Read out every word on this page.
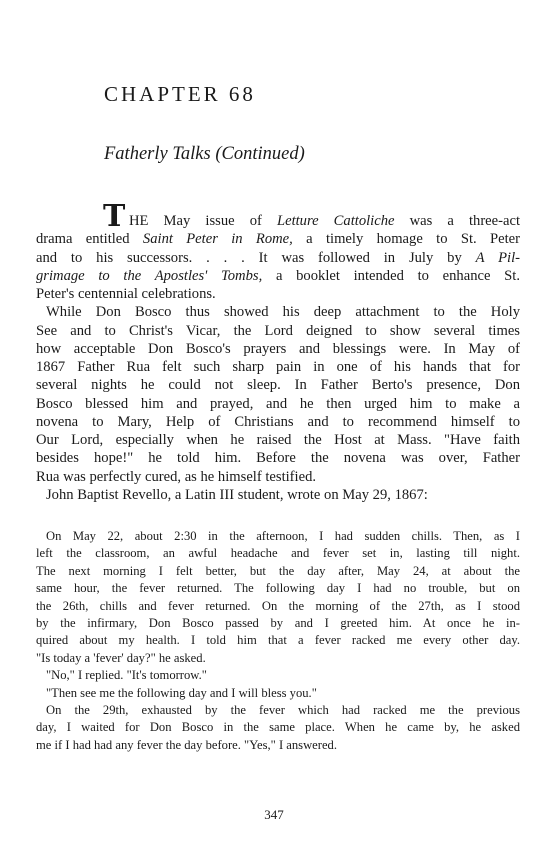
CHAPTER 68
Fatherly Talks (Continued)

T HE May issue of Letture Cattoliche was a three-act

drama entitled Saint Peter in Rome, a timely homage to St. Peter

and to his successors. . . . It was followed in July by A Pil-

grimage to the Apostles' Tombs, a booklet intended to enhance St.

Peter's centennial celebrations.

While Don Bosco thus showed his deep attachment to the Holy

See and to Christ's Vicar, the Lord deigned to show several times

how acceptable Don Bosco's prayers and blessings were. In May of

1867 Father Rua felt such sharp pain in one of his hands that for

several nights he could not sleep. In Father Berto's presence, Don

Bosco blessed him and prayed, and he then urged him to make a

novena to Mary, Help of Christians and to recommend himself to

Our Lord, especially when he raised the Host at Mass. "Have faith

besides hope!" he told him. Before the novena was over, Father

Rua was perfectly cured, as he himself testified.

John Baptist Revello, a Latin III student, wrote on May 29, 1867:

On May 22, about 2:30 in the afternoon, I had sudden chills. Then, as I

left the classroom, an awful headache and fever set in, lasting till night.

The next morning I felt better, but the day after, May 24, at about the

same hour, the fever returned. The following day I had no trouble, but on

the 26th, chills and fever returned. On the morning of the 27th, as I stood

by the infirmary, Don Bosco passed by and I greeted him. At once he in-

quired about my health. I told him that a fever racked me every other day.

"Is today a 'fever' day?" he asked.

"No," I replied. "It's tomorrow."

"Then see me the following day and I will bless you."

On the 29th, exhausted by the fever which had racked me the previous

day, I waited for Don Bosco in the same place. When he came by, he asked

me if I had had any fever the day before. "Yes," I answered.

347
